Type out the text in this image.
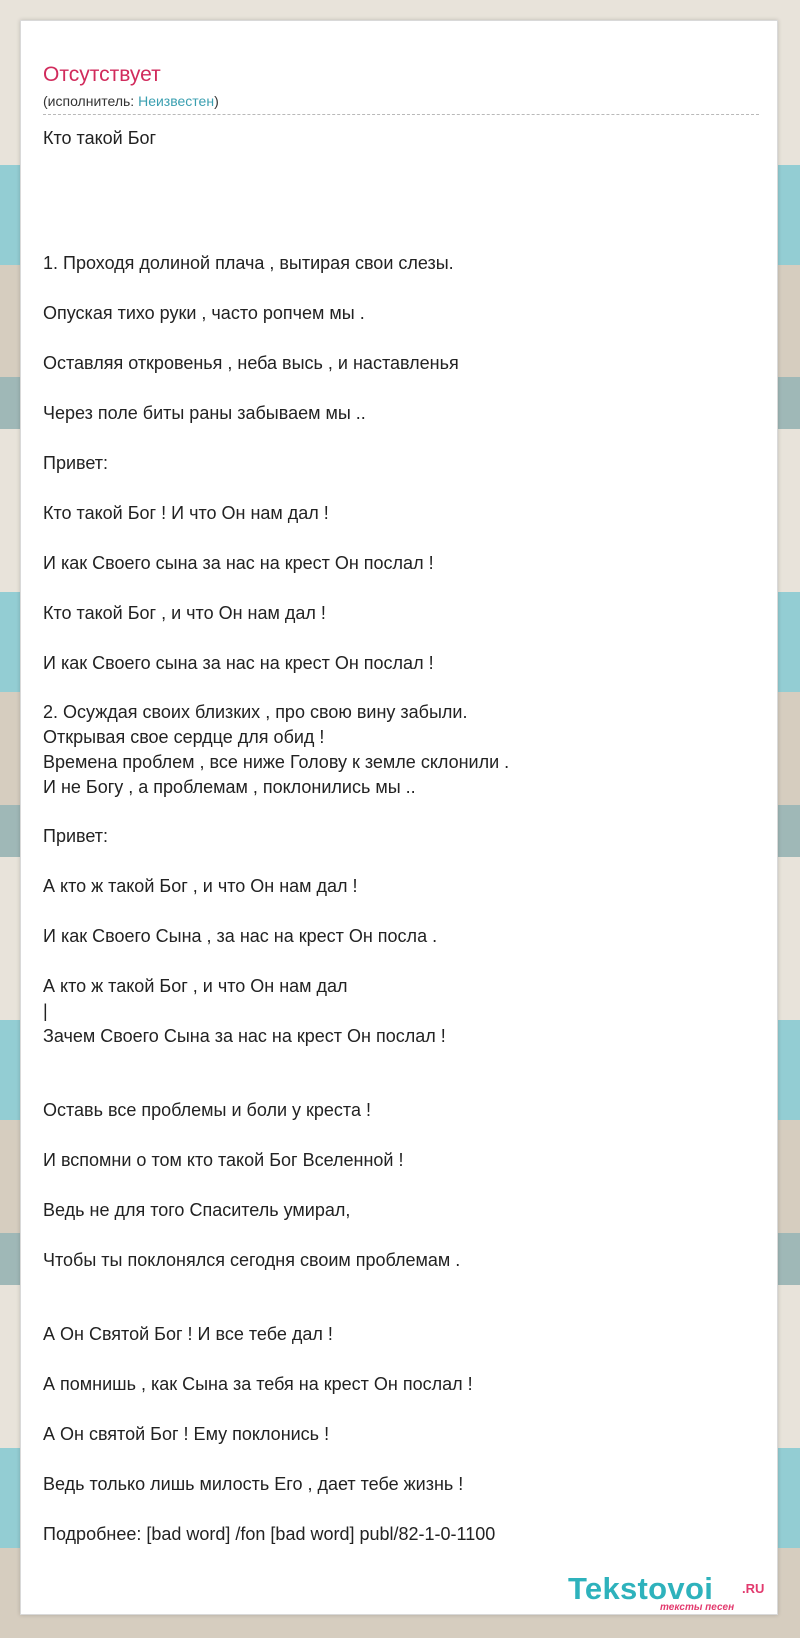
Отсутствует
(исполнитель: Неизвестен)
Кто такой Бог
1. Проходя долиной плача , вытирая свои слезы.
Опуская тихо руки , часто ропчем мы .
Оставляя откровенья , неба высь , и наставленья
Через поле биты раны забываем мы ..
Привет:
Кто такой Бог ! И что Он нам дал !
И как Своего сына за нас на крест Он послал !
Кто такой Бог , и что Он нам дал !
И как Своего сына за нас на крест Он послал !
2. Осуждая своих близких , про свою вину забыли.
Открывая свое сердце для обид !
Времена проблем , все ниже Голову к земле склонили .
И не Богу , а проблемам , поклонились мы ..
Привет:
А кто ж такой Бог , и что Он нам дал !
И как Своего Сына , за нас на крест Он посла .
А кто ж такой Бог , и что Он нам дал
|
Зачем Своего Сына за нас на крест Он послал !
Оставь все проблемы и боли у креста !
И вспомни о том кто такой Бог Вселенной !
Ведь не для того Спаситель умирал,
Чтобы ты поклонялся сегодня своим проблемам .
А Он Святой Бог ! И все тебе дал !
А помнишь , как Сына за тебя на крест Он послал !
А Он святой Бог ! Ему поклонись !
Ведь только лишь милость Его , дает тебе жизнь !
Подробнее: [bad word] /fon [bad word] publ/82-1-0-1100
Tekstovoi .RU
тексты песен
